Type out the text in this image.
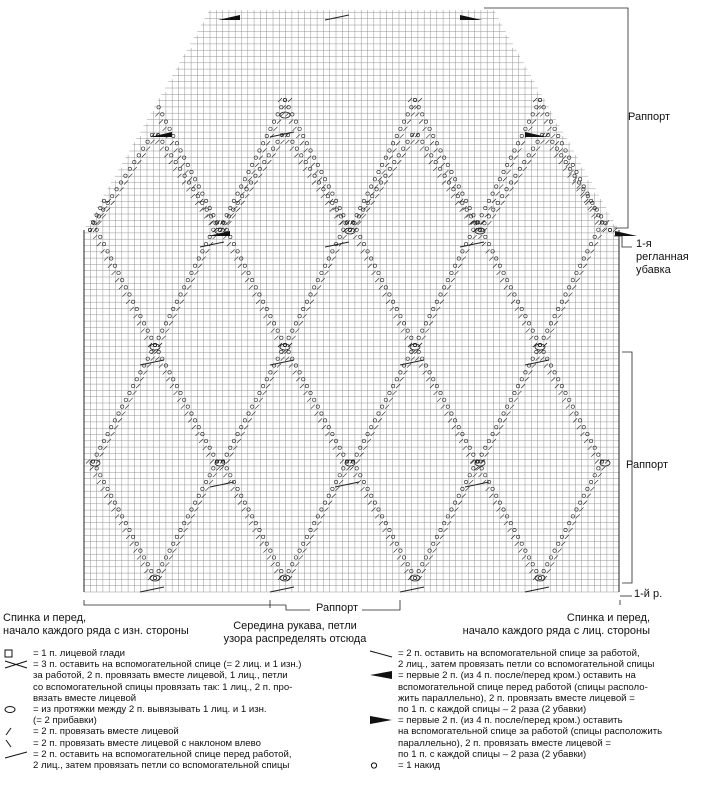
Раппорт
1-я регланная
убавка
Раппорт
1-й р.
Спинка и перед,
начало каждого ряда с изн. стороны
Раппорт
Середина рукава, петли
узора распределять отсюда
Спинка и перед,
начало каждого ряда с лиц. стороны
= 1 п. лицевой глади
= 3 п. оставить на вспомогательной спице (= 2 лиц. и 1 изн.)
за работой, 2 п. провязать вместе лицевой, 1 лиц., петли
со вспомогательной спицы провязать так: 1 лиц., 2 п. про-
вязать вместе лицевой
= из протяжки между 2 п. вывязывать 1 лиц. и 1 изн.
(= 2 прибавки)
= 2 п. провязать вместе лицевой
= 2 п. провязать вместе лицевой с наклоном влево
= 2 п. оставить на вспомогательной спице перед работой,
2 лиц., затем провязать петли со вспомогательной спицы
= 2 п. оставить на вспомогательной спице за работой,
2 лиц., затем провязать петли со вспомогательной спицы
= первые 2 п. (из 4 п. после/перед кром.) оставить на
вспомогательной спице перед работой (спицы располо-
жить параллельно), 2 п. провязать вместе лицевой =
по 1 п. с каждой спицы – 2 раза (2 убавки)
= первые 2 п. (из 4 п. после/перед кром.) оставить
на вспомогательной спице за работой (спицы расположить
параллельно), 2 п. провязать вместе лицевой =
по 1 п. с каждой спицы – 2 раза (2 убавки)
= 1 накид
